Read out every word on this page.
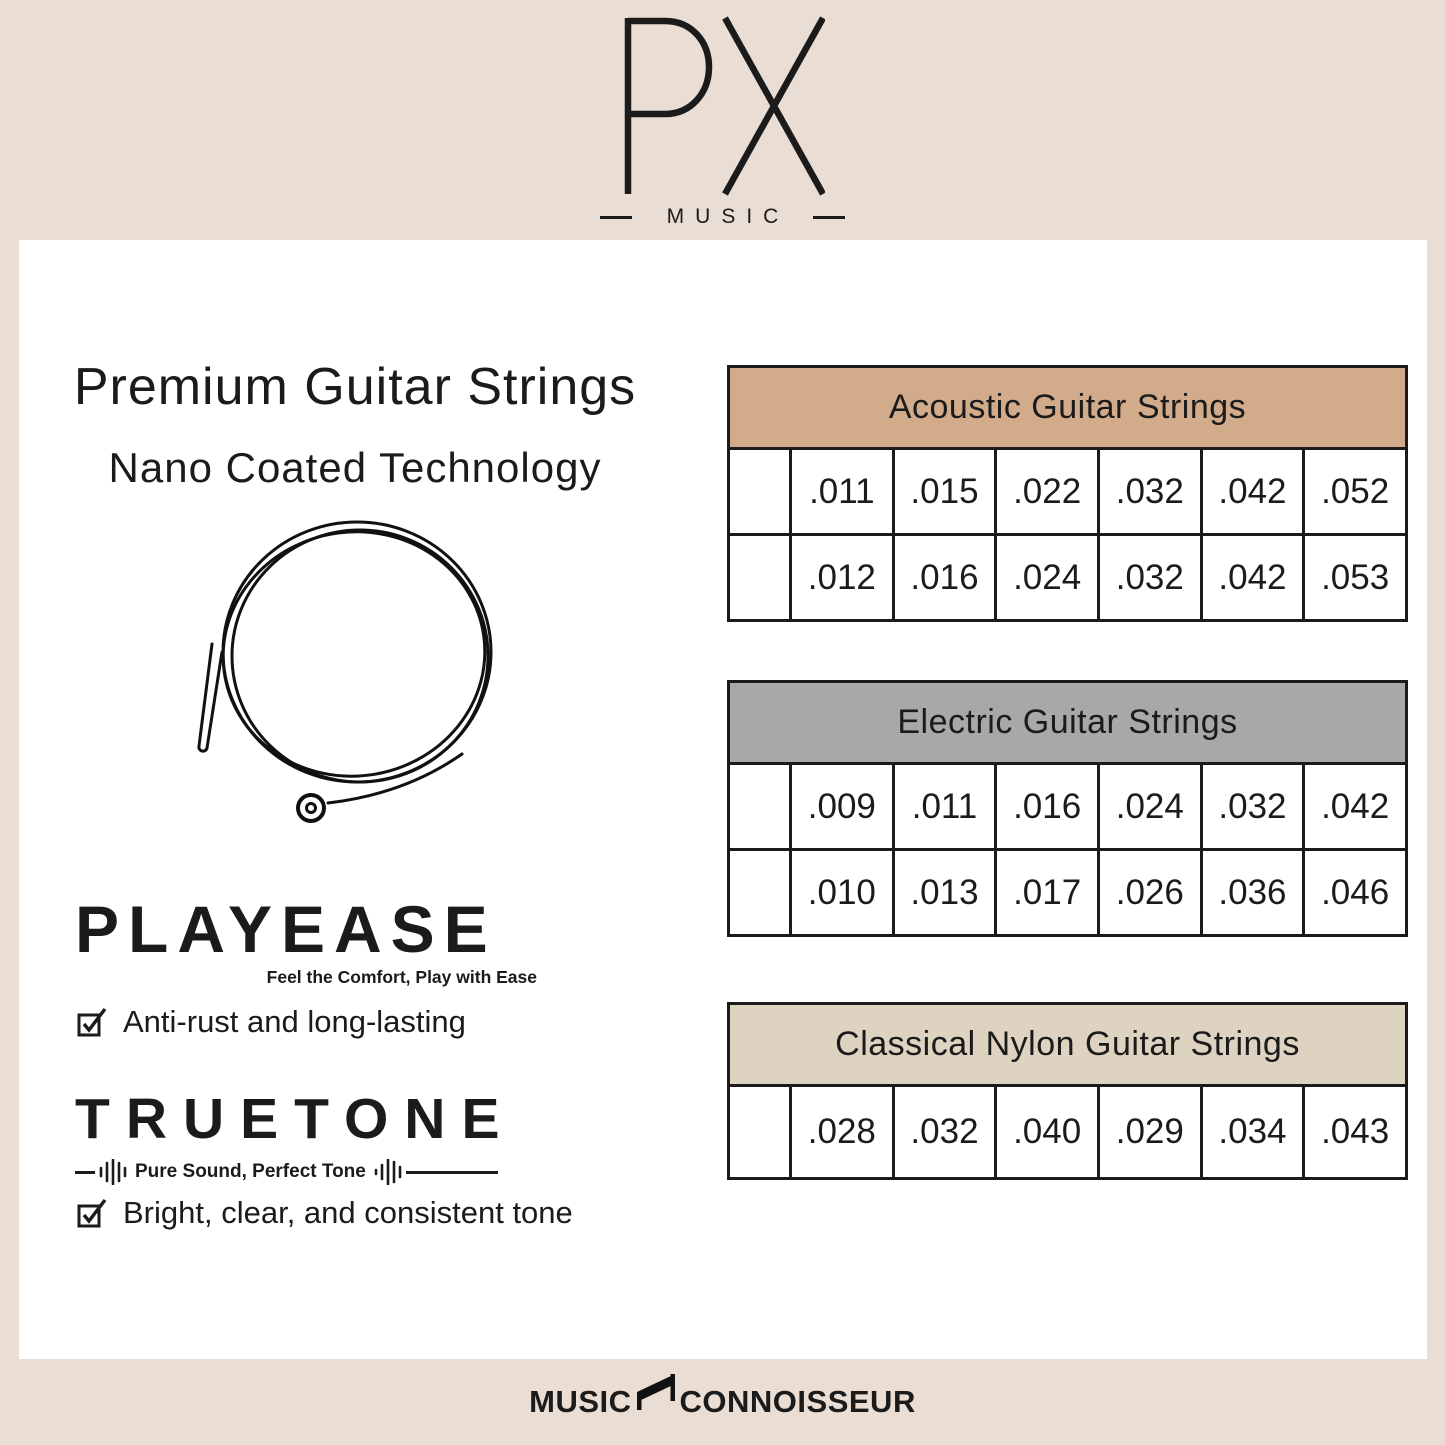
MUSIC
Premium Guitar Strings
Nano Coated Technology
PLAYEASE
Feel the Comfort, Play with Ease
Anti-rust and long-lasting
TRUETONE
Pure Sound, Perfect Tone
Bright, clear, and consistent tone
Acoustic Guitar Strings						
	.011	.015	.022	.032	.042	.052
	.012	.016	.024	.032	.042	.053
Electric Guitar Strings						
	.009	.011	.016	.024	.032	.042
	.010	.013	.017	.026	.036	.046
Classical Nylon Guitar Strings
	.028	.032	.040	.029	.034	.043
MUSIC CONNOISSEUR
